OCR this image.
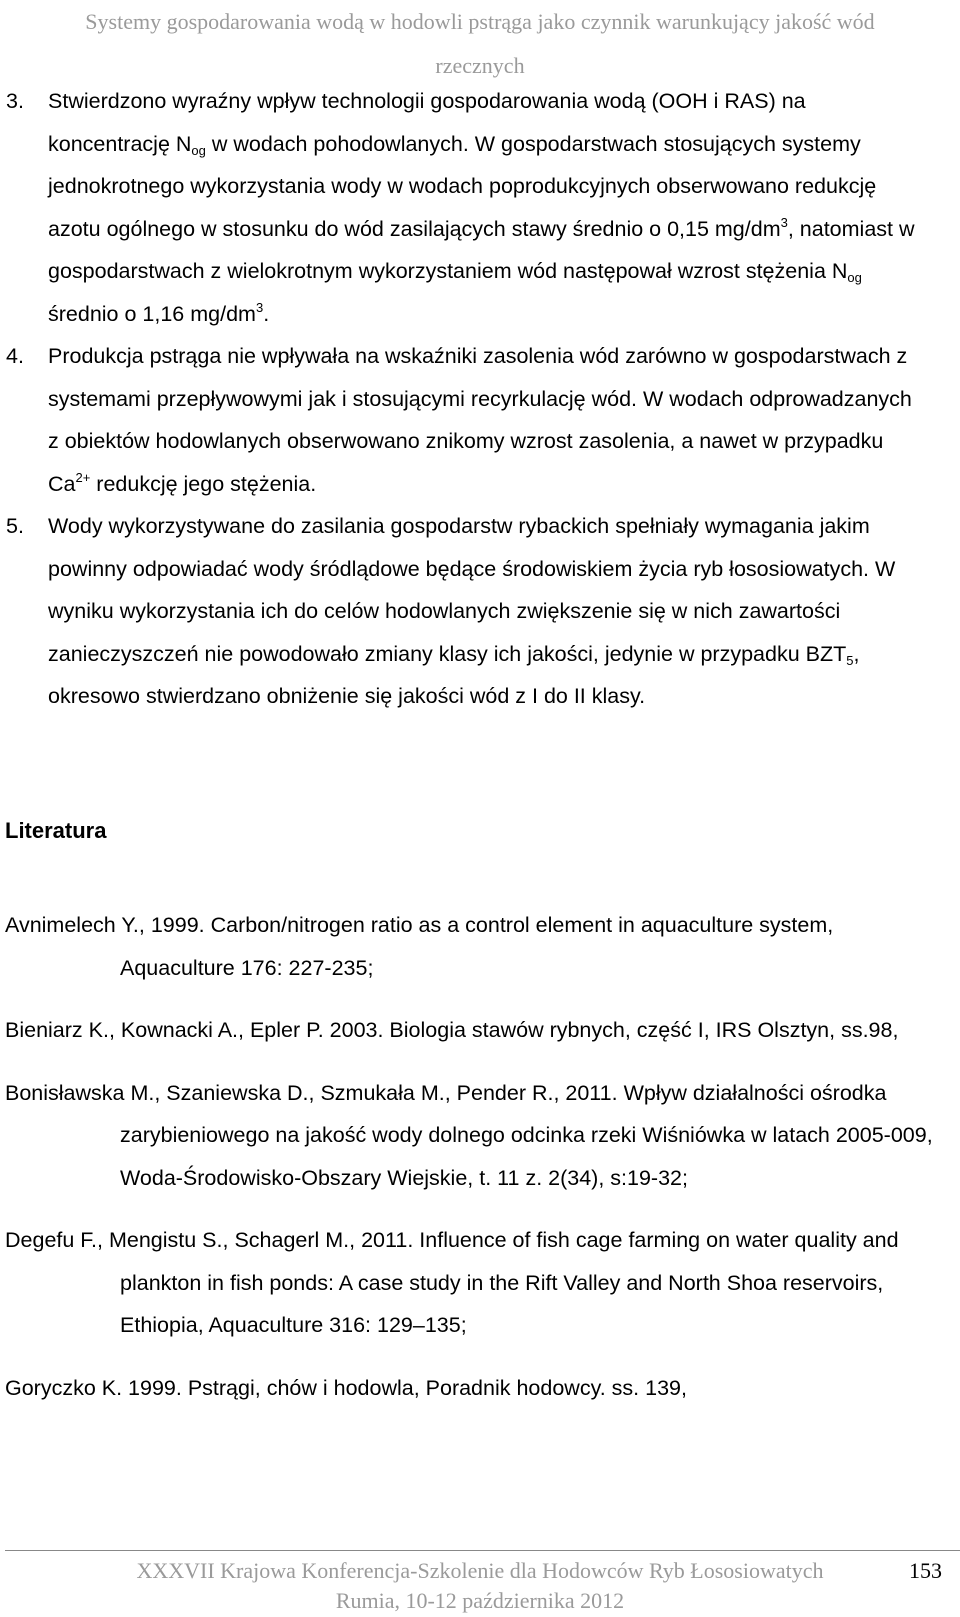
Systemy gospodarowania wodą w hodowli pstrąga jako czynnik warunkujący jakość wód
rzecznych
3. Stwierdzono wyraźny wpływ technologii gospodarowania wodą (OOH i RAS) na koncentrację $N_{og}$ w wodach pohodowlanych. W gospodarstwach stosujących systemy jednokrotnego wykorzystania wody w wodach poprodukcyjnych obserwowano redukcję azotu ogólnego w stosunku do wód zasilających stawy średnio o 0,15 $mg/dm^3$, natomiast w gospodarstwach z wielokrotnym wykorzystaniem wód następował wzrost stężenia $N_{og}$ średnio o 1,16 $mg/dm^3$.
4. Produkcja pstrąga nie wpływała na wskaźniki zasolenia wód zarówno w gospodarstwach z systemami przepływowymi jak i stosującymi recyrkulację wód. W wodach odprowadzanych z obiektów hodowlanych obserwowano znikomy wzrost zasolenia, a nawet w przypadku $Ca^{2+}$ redukcję jego stężenia.
5. Wody wykorzystywane do zasilania gospodarstw rybackich spełniały wymagania jakim powinny odpowiadać wody śródlądowe będące środowiskiem życia ryb łososiowatych. W wyniku wykorzystania ich do celów hodowlanych zwiększenie się w nich zawartości zanieczyszczeń nie powodowało zmiany klasy ich jakości, jedynie w przypadku $BZT_5$, okresowo stwierdzano obniżenie się jakości wód z I do II klasy.
Literatura
Avnimelech Y., 1999. Carbon/nitrogen ratio as a control element in aquaculture system, Aquaculture 176: 227-235;
Bieniarz K., Kownacki A., Epler P. 2003. Biologia stawów rybnych, część I, IRS Olsztyn, ss.98,
Bonisławska M., Szaniewska D., Szmukała M., Pender R., 2011. Wpływ działalności ośrodka zarybieniowego na jakość wody dolnego odcinka rzeki Wiśniówka w latach 2005-009, Woda-Środowisko-Obszary Wiejskie, t. 11 z. 2(34), s:19-32;
Degefu F., Mengistu S., Schagerl M., 2011. Influence of fish cage farming on water quality and plankton in fish ponds: A case study in the Rift Valley and North Shoa reservoirs, Ethiopia, Aquaculture 316: 129–135;
Goryczko K. 1999. Pstrągi, chów i hodowla, Poradnik hodowcy. ss. 139,
XXXVII Krajowa Konferencja-Szkolenie dla Hodowców Ryb Łososiowatych
Rumia, 10-12 października 2012
153
